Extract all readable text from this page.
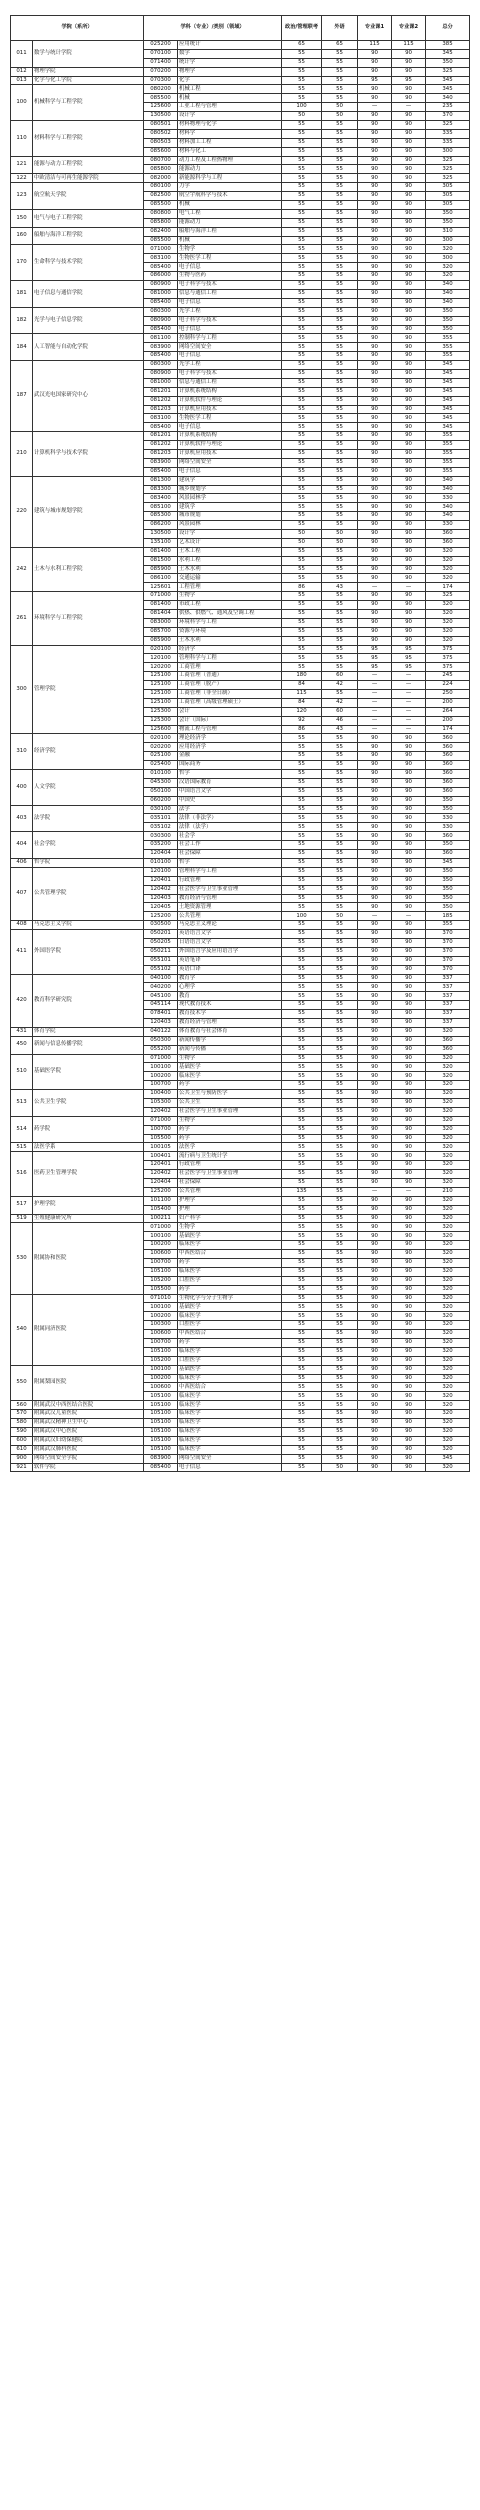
学院（系所）		学科（专业）/类别（领域）		政治/管理联考	外语	专业课1	专业课2	总分
011	数学与统计学院	025200	应用统计	65	65	115	115	385
		070100	数学	55	55	90	90	345
		071400	统计学	55	55	90	90	350
012	物理学院	070200	物理学	55	55	90	90	325
013	化学与化工学院	070300	化学	55	55	95	95	345
100	机械科学与工程学院	080200	机械工程	55	55	90	90	345
		085500	机械	55	55	90	90	340
		125600	工业工程与管理	100	50	—	—	235
		130500	设计学	50	50	90	90	370
110	材料科学与工程学院	080501	材料物理与化学	55	55	90	90	325
		080502	材料学	55	55	90	90	335
		080503	材料加工工程	55	55	90	90	335
		085600	材料与化工	55	55	90	90	300
121	能源与动力工程学院	080700	动力工程及工程热物理	55	55	90	90	325
		085800	能源动力	55	55	90	90	325
122	中欧清洁与可再生能源学院	082000	新能源科学与工程	55	55	90	90	325
123	航空航天学院	080100	力学	55	55	90	90	305
		082500	航空宇航科学与技术	55	55	90	90	305
		085500	机械	55	55	90	90	305
150	电气与电子工程学院	080800	电气工程	55	55	90	90	350
		085800	能源动力	55	55	90	90	350
160	船舶与海洋工程学院	082400	船舶与海洋工程	55	55	90	90	310
		085500	机械	55	55	90	90	300
170	生命科学与技术学院	071000	生物学	55	55	90	90	320
		083100	生物医学工程	55	55	90	90	300
		085400	电子信息	55	55	90	90	320
		086000	生物与医药	55	55	90	90	320
181	电子信息与通信学院	080900	电子科学与技术	55	55	90	90	340
		081000	信息与通信工程	55	55	90	90	340
		085400	电子信息	55	55	90	90	340
182	光学与电子信息学院	080300	光学工程	55	55	90	90	350
		080900	电子科学与技术	55	55	90	90	350
		085400	电子信息	55	55	90	90	350
184	人工智能与自动化学院	081100	控制科学与工程	55	55	90	90	355
		083900	网络空间安全	55	55	90	90	355
		085400	电子信息	55	55	90	90	355
187	武汉光电国家研究中心	080300	光学工程	55	55	90	90	345
		080900	电子科学与技术	55	55	90	90	345
		081000	信息与通信工程	55	55	90	90	345
		081201	计算机系统结构	55	55	90	90	345
		081202	计算机软件与理论	55	55	90	90	345
		081203	计算机应用技术	55	55	90	90	345
		083100	生物医学工程	55	55	90	90	345
		085400	电子信息	55	55	90	90	345
210	计算机科学与技术学院	081201	计算机系统结构	55	55	90	90	355
		081202	计算机软件与理论	55	55	90	90	355
		081203	计算机应用技术	55	55	90	90	355
		083900	网络空间安全	55	55	90	90	355
		085400	电子信息	55	55	90	90	355
220	建筑与城市规划学院	081300	建筑学	55	55	90	90	340
		083300	城乡规划学	55	55	90	90	340
		083400	风景园林学	55	55	90	90	330
		085100	建筑学	55	55	90	90	340
		085300	城市规划	55	55	90	90	340
		086200	风景园林	55	55	90	90	330
		130500	设计学	50	50	90	90	360
		135100	艺术设计	50	50	90	90	360
242	土木与水利工程学院	081400	土木工程	55	55	90	90	320
		081500	水利工程	55	55	90	90	320
		085900	土木水利	55	55	90	90	320
		086100	交通运输	55	55	90	90	320
		125601	工程管理	86	43	—	—	174
261	环境科学与工程学院	071000	生物学	55	55	90	90	325
		081400	市政工程	55	55	90	90	320
		081404	供热、供燃气、通风及空调工程	55	55	90	90	320
		083000	环境科学与工程	55	55	90	90	320
		085700	资源与环境	55	55	90	90	320
		085900	土木水利	55	55	90	90	320
300	管理学院	020100	经济学	55	55	95	95	375
		120100	管理科学与工程	55	55	95	95	375
		120200	工商管理	55	55	95	95	375
		125100	工商管理（普通）	180	60	—	—	245
		125100	工商管理（脱产）	84	42	—	—	224
		125100	工商管理（非全日制）	115	55	—	—	250
		125100	工商管理（高级管理硕士）	84	42	—	—	200
		125300	会计	120	60	—	—	264
		125300	会计（国际）	92	46	—	—	200
		125600	物流工程与管理	86	43	—	—	174
310	经济学院	020100	理论经济学	55	55	90	90	360
		020200	应用经济学	55	55	90	90	360
		025100	金融	55	55	90	90	360
		025400	国际商务	55	55	90	90	360
400	人文学院	010100	哲学	55	55	90	90	360
		045300	汉语国际教育	55	55	90	90	360
		050100	中国语言文学	55	55	90	90	360
		060200	中国史	55	55	90	90	350
403	法学院	030100	法学	55	55	90	90	350
		035101	法律（非法学）	55	55	90	90	330
		035102	法律（法学）	55	55	90	90	330
404	社会学院	030300	社会学	55	55	90	90	360
		035200	社会工作	55	55	90	90	350
		120404	社会保障	55	55	90	90	360
406	哲学院	010100	哲学	55	55	90	90	345
407	公共管理学院	120100	管理科学与工程	55	55	90	90	350
		120401	行政管理	55	55	90	90	350
		120402	社会医学与卫生事业管理	55	55	90	90	350
		120403	教育经济与管理	55	55	90	90	350
		120405	土地资源管理	55	55	90	90	350
		125200	公共管理	100	50	—	—	185
408	马克思主义学院	030500	马克思主义理论	55	55	90	90	355
411	外国语学院	050201	英语语言文学	55	55	90	90	370
		050205	日语语言文学	55	55	90	90	370
		050211	外国语言学及应用语言学	55	55	90	90	370
		055101	英语笔译	55	55	90	90	370
		055102	英语口译	55	55	90	90	370
420	教育科学研究院	040100	教育学	55	55	90	90	337
		040200	心理学	55	55	90	90	337
		045100	教育	55	55	90	90	337
		045114	现代教育技术	55	55	90	90	337
		078401	教育技术学	55	55	90	90	337
		120403	教育经济与管理	55	55	90	90	337
431	体育学院	040122	体育教育与社会体育	55	55	90	90	320
450	新闻与信息传播学院	050300	新闻传播学	55	55	90	90	360
		055200	新闻与传播	55	55	90	90	360
510	基础医学院	071000	生物学	55	55	90	90	320
		100100	基础医学	55	55	90	90	320
		100200	临床医学	55	55	90	90	320
		100700	药学	55	55	90	90	320
513	公共卫生学院	100400	公共卫生与预防医学	55	55	90	90	320
		105300	公共卫生	55	55	90	90	320
		120402	社会医学与卫生事业管理	55	55	90	90	320
514	药学院	071000	生物学	55	55	90	90	320
		100700	药学	55	55	90	90	320
		105500	药学	55	55	90	90	320
515	法医学系	100105	法医学	55	55	90	90	320
516	医药卫生管理学院	100401	流行病与卫生统计学	55	55	90	90	320
		120401	行政管理	55	55	90	90	320
		120402	社会医学与卫生事业管理	55	55	90	90	320
		120404	社会保障	55	55	90	90	320
		125200	公共管理	135	55	—	—	210
517	护理学院	101100	护理学	55	55	90	90	320
		105400	护理	55	55	90	90	320
519	生殖健康研究所	100211	妇产科学	55	55	90	90	320
530	附属协和医院	071000	生物学	55	55	90	90	320
		100100	基础医学	55	55	90	90	320
		100200	临床医学	55	55	90	90	320
		100600	中西医结合	55	55	90	90	320
		100700	药学	55	55	90	90	320
		105100	临床医学	55	55	90	90	320
		105200	口腔医学	55	55	90	90	320
		105500	药学	55	55	90	90	320
540	附属同济医院	071010	生物化学与分子生物学	55	55	90	90	320
		100100	基础医学	55	55	90	90	320
		100200	临床医学	55	55	90	90	320
		100300	口腔医学	55	55	90	90	320
		100600	中西医结合	55	55	90	90	320
		100700	药学	55	55	90	90	320
		105100	临床医学	55	55	90	90	320
		105200	口腔医学	55	55	90	90	320
550	附属梨园医院	100100	基础医学	55	55	90	90	320
		100200	临床医学	55	55	90	90	320
		100600	中西医结合	55	55	90	90	320
		105100	临床医学	55	55	90	90	320
560	附属武汉中西医结合医院	105100	临床医学	55	55	90	90	320
570	附属武汉儿童医院	105100	临床医学	55	55	90	90	320
580	附属武汉精神卫生中心	105100	临床医学	55	55	90	90	320
590	附属武汉中心医院	105100	临床医学	55	55	90	90	320
600	附属武汉妇幼保健院	105100	临床医学	55	55	90	90	320
610	附属武汉肺科医院	105100	临床医学	55	55	90	90	320
900	网络空间安全学院	083900	网络空间安全	55	55	90	90	345
921	软件学院	085400	电子信息	55	50	90	90	320
